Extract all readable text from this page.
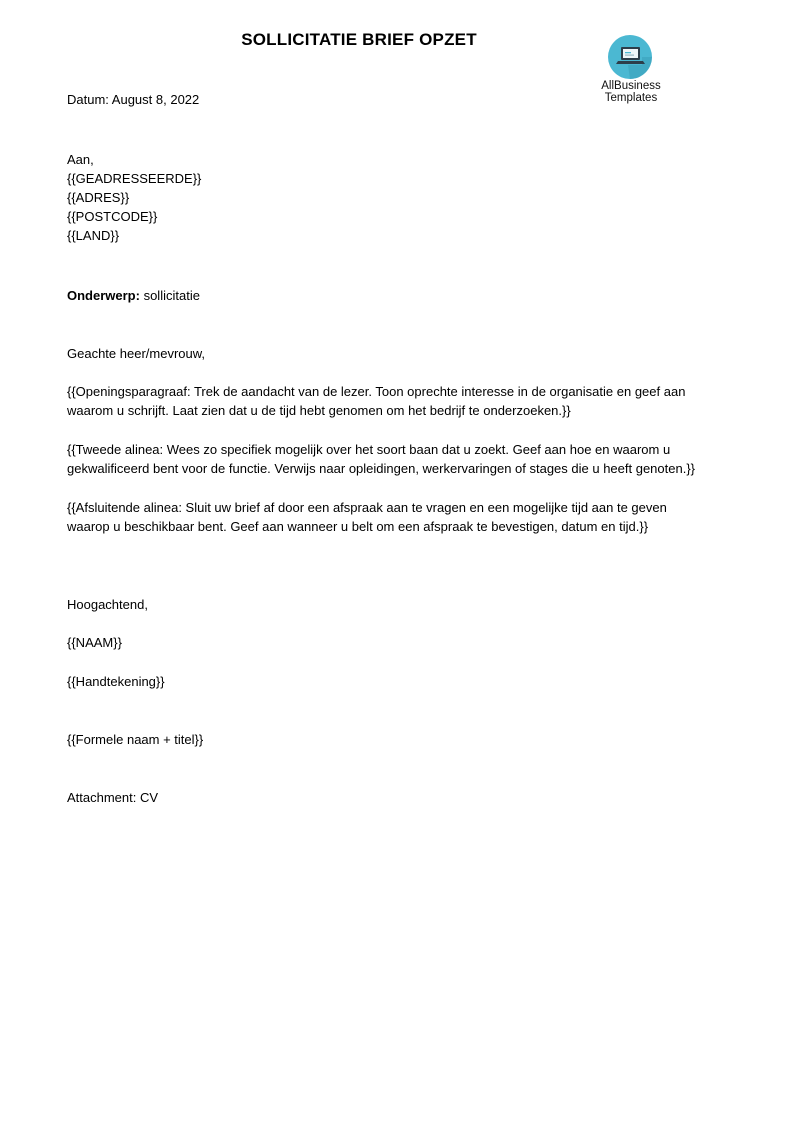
SOLLICITATIE BRIEF OPZET
AllBusiness
Templates
Datum: August 8, 2022
Aan,
{{GEADRESSEERDE}}
{{ADRES}}
{{POSTCODE}}
{{LAND}}
Onderwerp: sollicitatie
Geachte heer/mevrouw,
{{Openingsparagraaf: Trek de aandacht van de lezer. Toon oprechte interesse in de organisatie en geef aan
waarom u schrijft. Laat zien dat u de tijd hebt genomen om het bedrijf te onderzoeken.}}
{{Tweede alinea: Wees zo specifiek mogelijk over het soort baan dat u zoekt. Geef aan hoe en waarom u
gekwalificeerd bent voor de functie. Verwijs naar opleidingen, werkervaringen of stages die u heeft genoten.}}
{{Afsluitende alinea: Sluit uw brief af door een afspraak aan te vragen en een mogelijke tijd aan te geven
waarop u beschikbaar bent. Geef aan wanneer u belt om een afspraak te bevestigen, datum en tijd.}}
Hoogachtend,
{{NAAM}}
{{Handtekening}}
{{Formele naam + titel}}
Attachment: CV
